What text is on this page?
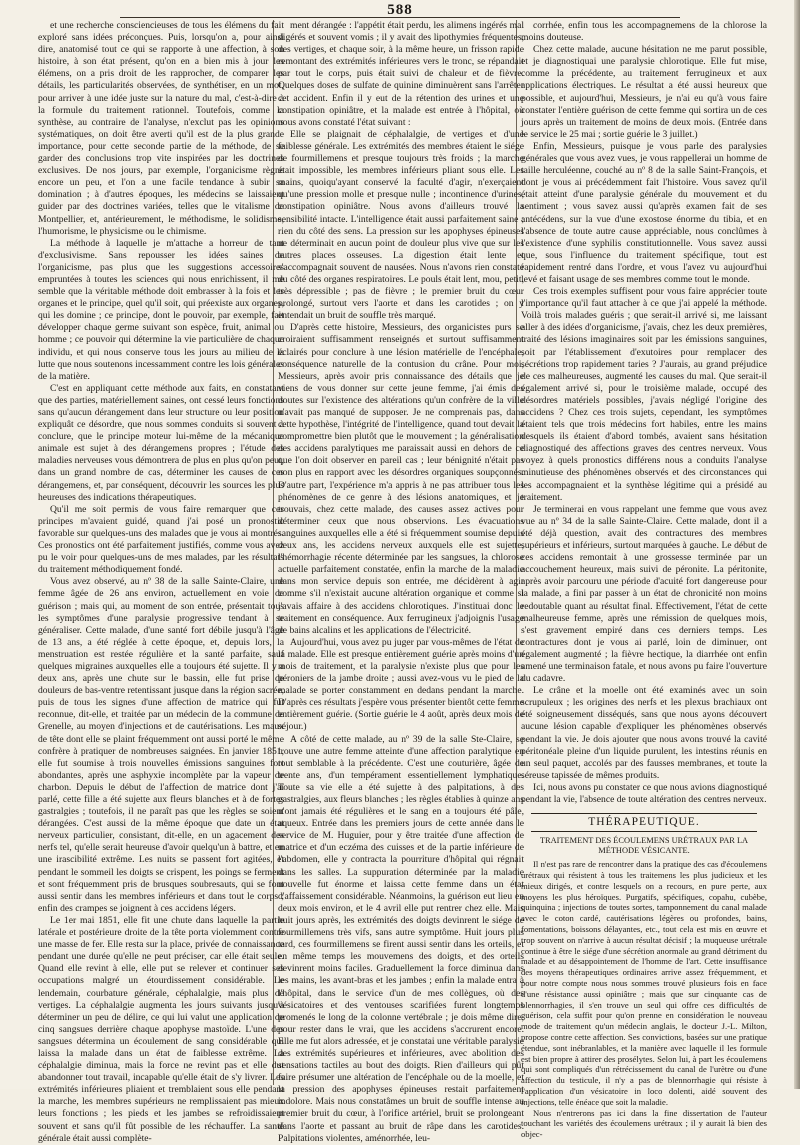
588

et une recherche consciencieuses de tous les élémens du fait exploré sans idées préconçues. Puis, lorsqu'on a, pour ainsi dire, anatomisé tout ce qui se rapporte à une affection, à son histoire, à son état présent, qu'on en a bien mis à jour les élémens, on a pris droit de les rapprocher, de comparer les détails, les particularités observées, de synthétiser, en un mot, pour arriver à une idée juste sur la nature du mal, c'est-à-dire à la formule du traitement rationnel. Toutefois, comme la synthèse, au contraire de l'analyse, n'exclut pas les opinions systématiques, on doit être averti qu'il est de la plus grande importance, pour cette seconde partie de la méthode, de se garder des conclusions trop vite inspirées par les doctrines exclusives. De nos jours, par exemple, l'organicisme règne encore un peu, et l'on a une facile tendance à subir sa domination ; à d'autres époques, les médecins se laissaient guider par des doctrines variées, telles que le vitalisme de Montpellier, et, antérieurement, le méthodisme, le solidisme, l'humorisme, le physicisme ou le chimisme.

La méthode à laquelle je m'attache a horreur de tant d'exclusivisme. Sans repousser les idées saines de l'organicisme, pas plus que les suggestions accessoires empruntées à toutes les sciences qui nous enrichissent, il me semble que la véritable méthode doit embrasser à la fois et les organes et le principe, quel qu'il soit, qui préexiste aux organes, qui les domine ; ce principe, dont le pouvoir, par exemple, fait développer chaque germe suivant son espèce, fruit, animal ou homme ; ce pouvoir qui détermine la vie particulière de chaque individu, et qui nous conserve tous les jours au milieu de la lutte que nous soutenons incessamment contre les lois générales de la matière.

C'est en appliquant cette méthode aux faits, en constatant que des parties, matériellement saines, ont cessé leurs fonctions sans qu'aucun dérangement dans leur structure ou leur position expliquât ce désordre, que nous sommes conduits si souvent à conclure, que le principe moteur lui-même de la mécanique animale est sujet à des dérangemens propres ; l'étude des maladies nerveuses vous démontrera de plus en plus qu'on peut, dans un grand nombre de cas, déterminer les causes de ces dérangemens, et, par conséquent, découvrir les sources les plus heureuses des indications thérapeutiques.

Qu'il me soit permis de vous faire remarquer que ces principes m'avaient guidé, quand j'ai posé un pronostic favorable sur quelques-uns des malades que je vous ai montrés. Ces pronostics ont été parfaitement justifiés, comme vous avez pu le voir pour quelques-uns de mes malades, par les résultats du traitement méthodiquement fondé.

Vous avez observé, au nº 38 de la salle Sainte-Claire, une femme âgée de 26 ans environ, actuellement en voie de guérison ; mais qui, au moment de son entrée, présentait tous les symptômes d'une paralysie progressive tendant à se généraliser. Cette malade, d'une santé fort débile jusqu'à l'âge de 13 ans, a été réglée à cette époque, et, depuis lors, la menstruation est restée régulière et la santé parfaite, sauf quelques migraines auxquelles elle a toujours été sujette. Il y a deux ans, après une chute sur le bassin, elle fut prise de douleurs de bas-ventre retentissant jusque dans la région sacrée, puis de tous les signes d'une affection de matrice qui fut reconnue, dit-elle, et traitée par un médecin de la commune de Grenelle, au moyen d'injections et de cautérisations. Les maux de tête dont elle se plaint fréquemment ont aussi porté le même confrère à pratiquer de nombreuses saignées. En janvier 1851, elle fut soumise à trois nouvelles émissions sanguines fort abondantes, après une asphyxie incomplète par la vapeur de charbon. Depuis le début de l'affection de matrice dont j'ai parlé, cette fille a été sujette aux fleurs blanches et à de fortes gastralgies ; toutefois, il ne paraît pas que les règles se soient dérangées. C'est aussi de la même époque que date un état nerveux particulier, consistant, dit-elle, en un agacement des nerfs tel, qu'elle serait heureuse d'avoir quelqu'un à battre, et en une irascibilité extrême. Les nuits se passent fort agitées, et pendant le sommeil les doigts se crispent, les poings se ferment et sont fréquemment pris de brusques soubresauts, qui se font aussi sentir dans les membres inférieurs et dans tout le corps ; enfin des crampes se joignent à ces accidens légers.

Le 1er mai 1851, elle fit une chute dans laquelle la partie latérale et postérieure droite de la tête porta violemment contre une masse de fer. Elle resta sur la place, privée de connaissance pendant une durée qu'elle ne peut préciser, car elle était seule. Quand elle revint à elle, elle put se relever et continuer ses occupations malgré un étourdissement considérable. Le lendemain, courbature générale, céphalalgie, mais plus de vertiges. La céphalalgie augmenta les jours suivants jusqu'à déterminer un peu de délire, ce qui lui valut une application de cinq sangsues derrière chaque apophyse mastoïde. L'une des sangsues détermina un écoulement de sang considérable qui laissa la malade dans un état de faiblesse extrême. La céphalalgie diminua, mais la force ne revint pas et elle dut abandonner tout travail, incapable qu'elle était de s'y livrer. Les extrémités inférieures pliaient et tremblaient sous elle pendant la marche, les membres supérieurs ne remplissaient pas mieux leurs fonctions ; les pieds et les jambes se refroidissaient souvent et sans qu'il fût possible de les réchauffer. La santé générale était aussi complète-

ment dérangée : l'appétit était perdu, les alimens ingérés mal digérés et souvent vomis ; il y avait des lipothymies fréquentes, des vertiges, et chaque soir, à la même heure, un frisson rapide remontant des extrémités inférieures vers le tronc, se répandait par tout le corps, puis était suivi de chaleur et de fièvre. Quelques doses de sulfate de quinine diminuèrent sans l'arrêter cet accident. Enfin il y eut de la rétention des urines et une constipation opiniâtre, et la malade est entrée à l'hôpital, où nous avons constaté l'état suivant :

Elle se plaignait de céphalalgie, de vertiges et d'une faiblesse générale. Les extrémités des membres étaient le siége de fourmillemens et presque toujours très froids ; la marche était impossible, les membres inférieurs pliant sous elle. Les mains, quoiqu'ayant conservé la faculté d'agir, n'exerçaient qu'une pression molle et presque nulle ; incontinence d'urines, constipation opiniâtre. Nous avons d'ailleurs trouvé la sensibilité intacte. L'intelligence était aussi parfaitement saine ; rien du côté des sens. La pression sur les apophyses épineuses ne déterminait en aucun point de douleur plus vive que sur les autres places osseuses. La digestion était lente et s'accompagnait souvent de nausées. Nous n'avons rien constaté du côté des organes respiratoires. Le pouls était lent, mou, petit, très dépressible ; pas de fièvre ; le premier bruit du cœur prolongé, surtout vers l'aorte et dans les carotides ; on y entendait un bruit de souffle très marqué.

D'après cette histoire, Messieurs, des organicistes purs se croiraient suffisamment renseignés et surtout suffisamment éclairés pour conclure à une lésion matérielle de l'encéphale, conséquence naturelle de la contusion du crâne. Pour moi, Messieurs, après avoir pris connaissance des détails que je viens de vous donner sur cette jeune femme, j'ai émis des doutes sur l'existence des altérations qu'un confrère de la ville n'avait pas manqué de supposer. Je ne comprenais pas, dans cette hypothèse, l'intégrité de l'intelligence, quand tout devait la compromettre bien plutôt que le mouvement ; la généralisation des accidens paralytiques me paraissait aussi en dehors de ce que l'on doit observer en pareil cas ; leur bénignité n'était pas non plus en rapport avec les désordres organiques soupçonnés. D'autre part, l'expérience m'a appris à ne pas attribuer tous les phénomènes de ce genre à des lésions anatomiques, et je trouvais, chez cette malade, des causes assez actives pour déterminer ceux que nous observions. Les évacuations sanguines auxquelles elle a été si fréquemment soumise depuis deux ans, les accidens nerveux auxquels elle est sujette, l'hémorrhagie récente déterminée par les sangsues, la chlorose actuelle parfaitement constatée, enfin la marche de la maladie dans mon service depuis son entrée, me décidèrent à agir comme s'il n'existait aucune altération organique et comme si j'avais affaire à des accidens chlorotiques. J'instituai donc le traitement en conséquence. Aux ferrugineux j'adjoignis l'usage de bains alcalins et les applications de l'électricité.

Aujourd'hui, vous avez pu juger par vous-mêmes de l'état de la malade. Elle est presque entièrement guérie après moins d'un mois de traitement, et la paralysie n'existe plus que pour les péroniers de la jambe droite ; aussi avez-vous vu le pied de la malade se porter constamment en dedans pendant la marche. D'après ces résultats j'espère vous présenter bientôt cette femme entièrement guérie. (Sortie guérie le 4 août, après deux mois de séjour.)

A côté de cette malade, au nº 39 de la salle Ste-Claire, se trouve une autre femme atteinte d'une affection paralytique en tout semblable à la précédente. C'est une couturière, âgée de trente ans, d'un tempérament essentiellement lymphatique. Toute sa vie elle a été sujette à des palpitations, à des gastralgies, aux fleurs blanches ; les règles établies à quinze ans n'ont jamais été régulières et le sang en a toujours été pâle, aqueux. Entrée dans les premiers jours de cette année dans le service de M. Huguier, pour y être traitée d'une affection de matrice et d'un eczéma des cuisses et de la partie inférieure de l'abdomen, elle y contracta la pourriture d'hôpital qui régnait dans les salles. La suppuration déterminée par la maladie nouvelle fut énorme et laissa cette femme dans un état d'affaissement considérable. Néanmoins, la guérison eut lieu en deux mois environ, et le 4 avril elle put rentrer chez elle. Mais huit jours après, les extrémités des doigts devinrent le siége de fourmillemens très vifs, sans autre symptôme. Huit jours plus tard, ces fourmillemens se firent aussi sentir dans les orteils, et en même temps les mouvemens des doigts, et des orteils devinrent moins faciles. Graduellement la force diminua dans les mains, les avant-bras et les jambes ; enfin la malade entra à l'hôpital, dans le service d'un de mes collègues, où des vésicatoires et des ventouses scarifiées furent longtemps promenés le long de la colonne vertébrale ; je dois même dire, pour rester dans le vrai, que les accidens s'accrurent encore. Elle me fut alors adressée, et je constatai une véritable paralysie des extrémités supérieures et inférieures, avec abolition des sensations tactiles au bout des doigts. Rien d'ailleurs qui pût faire présumer une altération de l'encéphale ou de la moelle, et la pression des apophyses épineuses restait parfaitement indolore. Mais nous constatâmes un bruit de souffle intense au premier bruit du cœur, à l'orifice artériel, bruit se prolongeant dans l'aorte et passant au bruit de râpe dans les carotides. Palpitations violentes, aménorrhée, leu-

corrhée, enfin tous les accompagnemens de la chlorose la moins douteuse.

Chez cette malade, aucune hésitation ne me parut possible, et je diagnostiquai une paralysie chlorotique. Elle fut mise, comme la précédente, au traitement ferrugineux et aux applications électriques. Le résultat a été aussi heureux que possible, et aujourd'hui, Messieurs, je n'ai eu qu'à vous faire constater l'entière guérison de cette femme qui sortira un de ces jours après un traitement de moins de deux mois. (Entrée dans le service le 25 mai ; sortie guérie le 3 juillet.)

Enfin, Messieurs, puisque je vous parle des paralysies générales que vous avez vues, je vous rappellerai un homme de taille herculéenne, couché au nº 8 de la salle Saint-François, et dont je vous ai précédemment fait l'histoire. Vous savez qu'il était atteint d'une paralysie générale du mouvement et du sentiment ; vous savez aussi qu'après examen fait de ses antécédens, sur la vue d'une exostose énorme du tibia, et en l'absence de toute autre cause appréciable, nous conclûmes à l'existence d'une syphilis constitutionnelle. Vous savez aussi que, sous l'influence du traitement spécifique, tout est rapidement rentré dans l'ordre, et vous l'avez vu aujourd'hui levé et faisant usage de ses membres comme tout le monde.

Ces trois exemples suffisent pour vous faire apprécier toute l'importance qu'il faut attacher à ce que j'ai appelé la méthode. Voilà trois malades guéris ; que serait-il arrivé si, me laissant aller à des idées d'organicisme, j'avais, chez les deux premières, traité des lésions imaginaires soit par les émissions sanguines, soit par l'établissement d'exutoires pour remplacer des sécrétions trop rapidement taries ? J'aurais, au grand préjudice de ces malheureuses, augmenté les causes du mal. Que serait-il également arrivé si, pour le troisième malade, occupé des désordres matériels possibles, j'avais négligé l'origine des accidens ? Chez ces trois sujets, cependant, les symptômes étaient tels que trois médecins fort habiles, entre les mains desquels ils étaient d'abord tombés, avaient sans hésitation diagnostiqué des affections graves des centres nerveux. Vous voyez à quels pronostics différens nous a conduits l'analyse minutieuse des phénomènes observés et des circonstances qui les accompagnaient et la synthèse légitime qui a présidé au traitement.

Je terminerai en vous rappelant une femme que vous avez vue au nº 34 de la salle Sainte-Claire. Cette malade, dont il a été déjà question, avait des contractures des membres supérieurs et inférieurs, surtout marquées à gauche. Le début de ces accidens remontait à une grossesse terminée par un accouchement heureux, mais suivi de péronite. La péritonite, après avoir parcouru une période d'acuité fort dangereuse pour la malade, a fini par passer à un état de chronicité non moins redoutable quant au résultat final. Effectivement, l'état de cette malheureuse femme, après une rémission de quelques mois, s'est gravement empiré dans ces derniers temps. Les contractures dont je vous ai parlé, loin de diminuer, ont également augmenté ; la fièvre hectique, la diarrhée ont enfin amené une terminaison fatale, et nous avons pu faire l'ouverture du cadavre.

Le crâne et la moelle ont été examinés avec un soin scrupuleux ; les origines des nerfs et les plexus brachiaux ont été soigneusement disséqués, sans que nous ayons découvert aucune lésion capable d'expliquer les phénomènes observés pendant la vie. Je dois ajouter que nous avons trouvé la cavité péritonéale pleine d'un liquide purulent, les intestins réunis en un seul paquet, accolés par des fausses membranes, et toute la séreuse tapissée de mêmes produits.

Ici, nous avons pu constater ce que nous avions diagnostiqué pendant la vie, l'absence de toute altération des centres nerveux.

THÉRAPEUTIQUE.
TRAITEMENT DES ÉCOULEMENS URÉTRAUX PAR LA MÉTHODE VÉSICANTE.

Il n'est pas rare de rencontrer dans la pratique des cas d'écoulemens urétraux qui résistent à tous les traitemens les plus judicieux et les mieux dirigés, et contre lesquels on a recours, en pure perte, aux moyens les plus héroïques. Purgatifs, spécifiques, copahu, cubèbe, quinquina ; injections de toutes sortes, tamponnement du canal malade avec le coton cardé, cautérisations légères ou profondes, bains, fomentations, boissons délayantes, etc., tout cela est mis en œuvre et trop souvent on n'arrive à aucun résultat décisif ; la muqueuse urétrale continue à être le siége d'une sécrétion anormale au grand détriment du malade et au désappointement de l'homme de l'art. Cette insuffisance des moyens thérapeutiques ordinaires arrive assez fréquemment, et pour notre compte nous nous sommes trouvé plusieurs fois en face d'une résistance aussi opiniâtre ; mais que sur cinquante cas de blennorrhagies, il s'en trouve un seul qui offre ces difficultés de guérison, cela suffit pour qu'on prenne en considération le nouveau mode de traitement qu'un médecin anglais, le docteur J.-L. Milton, propose contre cette affection. Ses convictions, basées sur une pratique étendue, sont inébranlables, et la manière avec laquelle il les formule est bien propre à attirer des prosélytes. Selon lui, à part les écoulemens qui sont compliqués d'un rétrécissement du canal de l'urètre ou d'une affection du testicule, il n'y a pas de blennorrhagie qui résiste à l'application d'un vésicatoire in loco dolenti, aidé souvent des injections, telle énéace que soit la maladie.

Nous n'entrerons pas ici dans la fine dissertation de l'auteur touchant les variétés des écoulemens urétraux ; il y aurait là bien des objec-
